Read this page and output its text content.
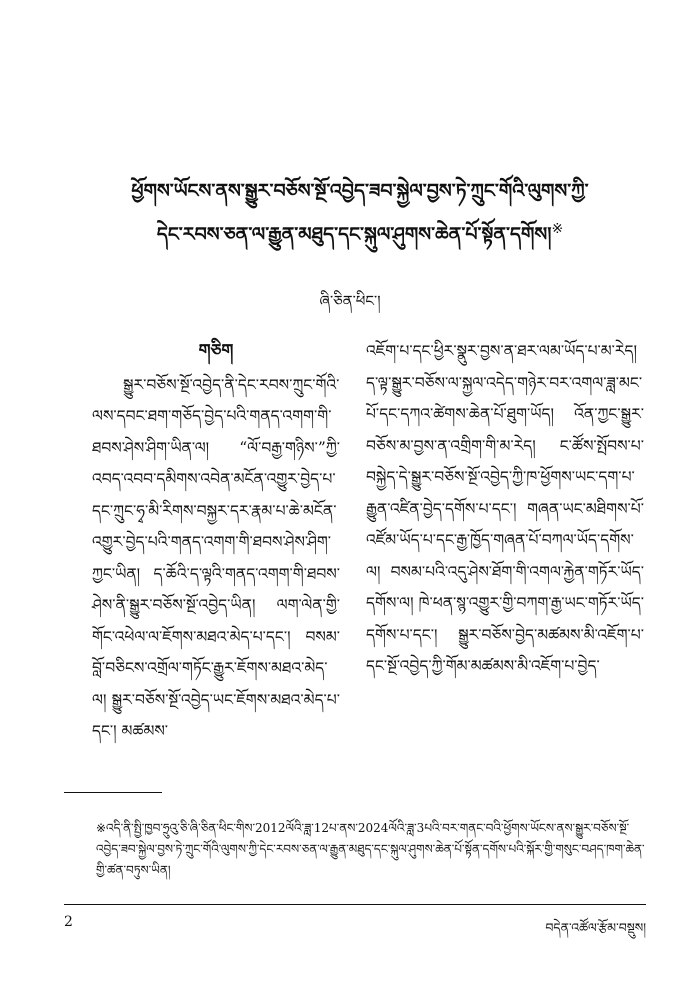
ཕྱོགས་ཡོངས་ནས་སྒྱུར་བཅོས་སྔོ་འབྱེད་ཟབ་སྐྱེལ་བྱས་ཏེ་ཀྲུང་གོའི་ལུགས་ཀྱི་
དེང་རབས་ཅན་ལ་རྒྱུན་མཐུད་དང་སྐུལ་ཤུགས་ཆེན་པོ་སྟོན་དགོས།※
ཞི་ཅིན་ཕིང་།
གཅིག

སྒྱུར་བཅོས་སྔོ་འབྱེད་ནི་དེང་རབས་ཀྲུང་གོའི་ལས་དབང་ཐག་གཅོད་བྱེད་པའི་གནད་འགག་གི་ཐབས་ཤེས་ཤིག་ཡིན་ལ། “ལོ་བརྒྱ་གཉིས་”ཀྱི་འབད་འབབ་དམིགས་འབེན་མངོན་འགྱུར་བྱེད་པ་དང་ཀྲུང་ཧྭ་མི་རིགས་བསྐྱར་དར་རྣམ་པ་ཆེ་མངོན་འགྱུར་བྱེད་པའི་གནད་འགག་གི་ཐབས་ཤེས་ཤིག་ཀྱང་ཡིན། ད་ཆོའི་ད་ལྟའི་གནད་འགག་གི་ཐབས་ཤེས་ནི་སྒྱུར་བཅོས་སྔོ་འབྱེད་ཡིན། ལག་ལེན་གྱི་གོང་འཕེལ་ལ་ཇོགས་མཐའ་མེད་པ་དང་། བསམ་བློ་བཅིངས་འགྲོལ་གཏོང་རྒྱུར་ཇོགས་མཐའ་མེད་ལ། སྒྱུར་བཅོས་སྔོ་འབྱེད་ཡང་ཇོགས་མཐའ་མེད་པ་དང་། མཚམས་

འཇོག་པ་དང་ཕྱིར་སྣུར་བྱས་ན་ཐར་ལམ་ཡོད་པ་མ་རེད། ད་ལྟ་སྒྱུར་བཅོས་ལ་སྐྱལ་འདེད་གཉེར་བར་འགལ་ཟླ་མང་པོ་དང་དཀའ་ཚེགས་ཆེན་པོ་ཐུག་ཡོད། འོན་ཀྱང་སྒྱུར་བཅོས་མ་བྱས་ན་འགྲིག་གི་མ་རེད། ང་ཚོས་སྤོབས་པ་བསྐྱེད་དེ་སྒྱུར་བཅོས་སྔོ་འབྱེད་ཀྱི་ཁ་ཕྱོགས་ཡང་དག་པ་རྒྱུན་འཛིན་བྱེད་དགོས་པ་དང་། གཞན་ཡང་མཐིགས་པོ་འཛོམ་ཡོད་པ་དང་རྒྱ་ཁྱོད་གཞན་པོ་བཀལ་ཡོད་དགོས་ལ། བསམ་པའི་འདུ་ཤེས་ཐོག་གི་འགལ་རྐྱེན་གཏོར་ཡོད་དགོས་ལ། ཁེ་ཕན་སྙ་འགྱུར་གྱི་བཀག་རྒྱ་ཡང་གཏོར་ཡོད་དགོས་པ་དང་། སྒྱུར་བཅོས་བྱེད་མཚམས་མི་འཇོག་པ་དང་སྔོ་འབྱེད་ཀྱི་གོམ་མཚམས་མི་འཇོག་པ་བྱེད་

※འདི་ནི་སྤྱི་ཁྱབ་ཧྲུའུ་ཅི་ཞི་ཅིན་ཕིང་གིས་2012ལོའི་ཟླ་12པ་ནས་2024ལོའི་ཟླ་3པའི་བར་གནང་བའི་ཕྱོགས་ཡོངས་ནས་སྒྱུར་བཅོས་སྔོ་འབྱེད་ཟབ་སྐྱེལ་བྱས་ཏེ་ཀྲུང་གོའི་ལུགས་ཀྱི་དེང་རབས་ཅན་ལ་རྒྱུན་མཐུད་དང་སྐུལ་ཤུགས་ཆེན་པོ་སྟོན་དགོས་པའི་སྐོར་གྱི་གསུང་བཤད་ཁག་ཆེན་གྱི་ཚན་བཏུས་ཡིན།
2	བདེན་འཚོལ་རྩོམ་བསྡུས།
